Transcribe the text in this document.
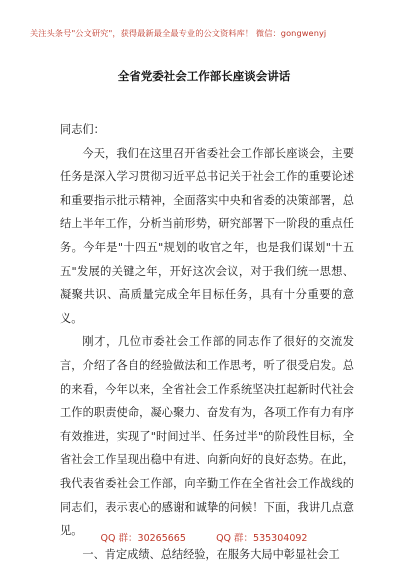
关注头条号"公文研究"，获得最新最全最专业的公文资料库！ 微信：gongwenyj
全省党委社会工作部长座谈会讲话

同志们：

今天，我们在这里召开省委社会工作部长座谈会，主要任务是深入学习贯彻习近平总书记关于社会工作的重要论述和重要指示批示精神，全面落实中央和省委的决策部署，总结上半年工作，分析当前形势，研究部署下一阶段的重点任务。今年是"十四五"规划的收官之年，也是我们谋划"十五五"发展的关键之年，开好这次会议，对于我们统一思想、凝聚共识、高质量完成全年目标任务，具有十分重要的意义。

刚才，几位市委社会工作部的同志作了很好的交流发言，介绍了各自的经验做法和工作思考，听了很受启发。总的来看，今年以来，全省社会工作系统坚决扛起新时代社会工作的职责使命，凝心聚力、奋发有为，各项工作有力有序有效推进，实现了"时间过半、任务过半"的阶段性目标，全省社会工作呈现出稳中有进、向新向好的良好态势。在此，我代表省委社会工作部，向辛勤工作在全省社会工作战线的同志们，表示衷心的感谢和诚挚的问候！下面，我讲几点意见。

一、肯定成绩、总结经验，在服务大局中彰显社会工

QQ 群：30265665          QQ 群：535304092
